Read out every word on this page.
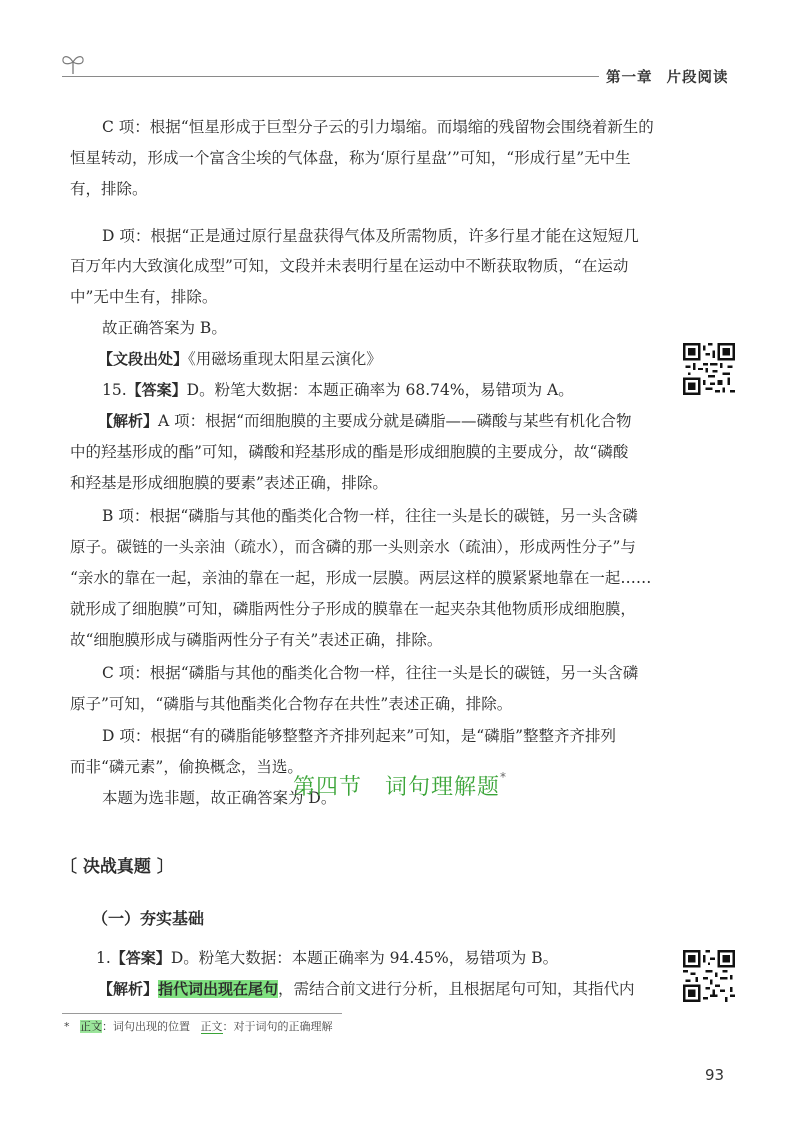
第一章 片段阅读

C 项：根据“恒星形成于巨型分子云的引力塌缩。而塌缩的残留物会围绕着新生的

恒星转动，形成一个富含尘埃的气体盘，称为‘原行星盘’”可知，“形成行星”无中生

有，排除。

D 项：根据“正是通过原行星盘获得气体及所需物质，许多行星才能在这短短几

百万年内大致演化成型”可知，文段并未表明行星在运动中不断获取物质，“在运动

中”无中生有，排除。

故正确答案为 B。

【文段出处】《用磁场重现太阳星云演化》

15.【答案】D。粉笔大数据：本题正确率为 68.74%，易错项为 A。

【解析】A 项：根据“而细胞膜的主要成分就是磷脂——磷酸与某些有机化合物

中的羟基形成的酯”可知，磷酸和羟基形成的酯是形成细胞膜的主要成分，故“磷酸

和羟基是形成细胞膜的要素”表述正确，排除。

B 项：根据“磷脂与其他的酯类化合物一样，往往一头是长的碳链，另一头含磷

原子。碳链的一头亲油（疏水），而含磷的那一头则亲水（疏油），形成两性分子”与

“亲水的靠在一起，亲油的靠在一起，形成一层膜。两层这样的膜紧紧地靠在一起……

就形成了细胞膜”可知，磷脂两性分子形成的膜靠在一起夹杂其他物质形成细胞膜，

故“细胞膜形成与磷脂两性分子有关”表述正确，排除。

C 项：根据“磷脂与其他的酯类化合物一样，往往一头是长的碳链，另一头含磷

原子”可知，“磷脂与其他酯类化合物存在共性”表述正确，排除。

D 项：根据“有的磷脂能够整整齐齐排列起来”可知，是“磷脂”整整齐齐排列

而非“磷元素”，偷换概念，当选。

本题为选非题，故正确答案为 D。

第四节　词句理解题*
〔 决战真题 〕
（一）夯实基础

1.【答案】D。粉笔大数据：本题正确率为 94.45%，易错项为 B。

【解析】指代词出现在尾句，需结合前文进行分析，且根据尾句可知，其指代内

* 正文：词句出现的位置 正文：对于词句的正确理解
93
